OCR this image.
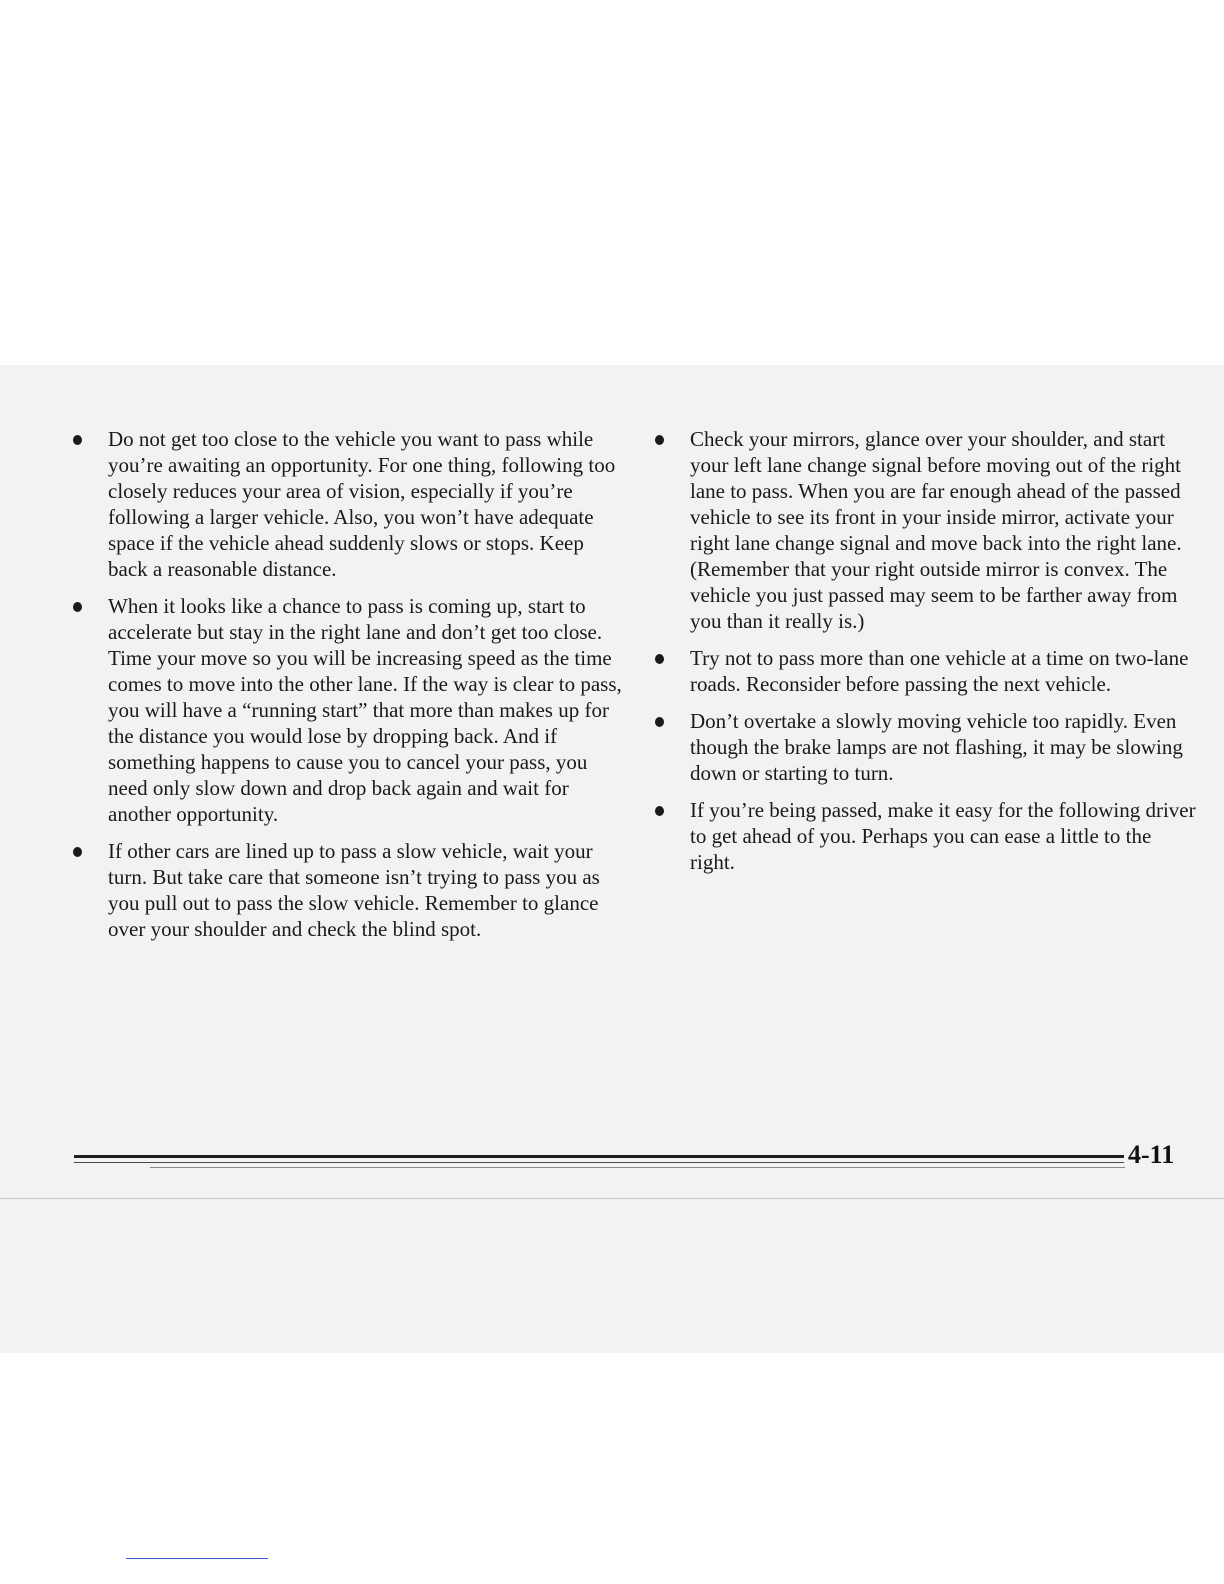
Do not get too close to the vehicle you want to pass while you’re awaiting an opportunity. For one thing, following too closely reduces your area of vision, especially if you’re following a larger vehicle. Also, you won’t have adequate space if the vehicle ahead suddenly slows or stops. Keep back a reasonable distance.
When it looks like a chance to pass is coming up, start to accelerate but stay in the right lane and don’t get too close. Time your move so you will be increasing speed as the time comes to move into the other lane. If the way is clear to pass, you will have a “running start” that more than makes up for the distance you would lose by dropping back. And if something happens to cause you to cancel your pass, you need only slow down and drop back again and wait for another opportunity.
If other cars are lined up to pass a slow vehicle, wait your turn. But take care that someone isn’t trying to pass you as you pull out to pass the slow vehicle. Remember to glance over your shoulder and check the blind spot.
Check your mirrors, glance over your shoulder, and start your left lane change signal before moving out of the right lane to pass. When you are far enough ahead of the passed vehicle to see its front in your inside mirror, activate your right lane change signal and move back into the right lane. (Remember that your right outside mirror is convex. The vehicle you just passed may seem to be farther away from you than it really is.)
Try not to pass more than one vehicle at a time on two-lane roads. Reconsider before passing the next vehicle.
Don’t overtake a slowly moving vehicle too rapidly. Even though the brake lamps are not flashing, it may be slowing down or starting to turn.
If you’re being passed, make it easy for the following driver to get ahead of you. Perhaps you can ease a little to the right.
4-11
